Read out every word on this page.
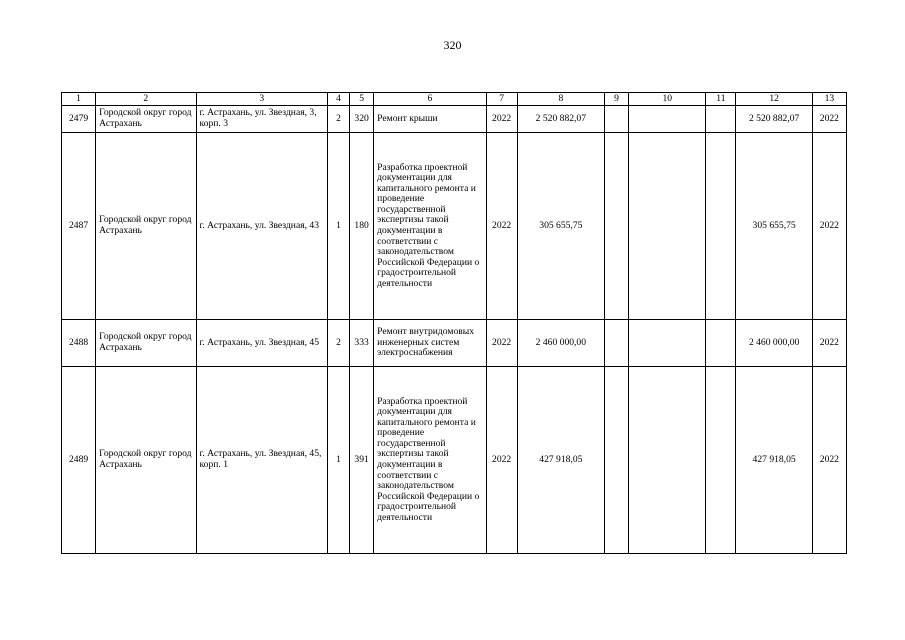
320
1	2	3	4	5	6	7	8	9	10	11	12	13
2479	Городской округ город Астрахань	г. Астрахань, ул. Звездная, 3, корп. 3	2	320	Ремонт крыши	2022	2 520 882,07				2 520 882,07	2022
2487	Городской округ город Астрахань	г. Астрахань, ул. Звездная, 43	1	180	Разработка проектной документации для капитального ремонта и проведение государственной экспертизы такой документации в соответствии с законодательством Российской Федерации о градостроительной деятельности	2022	305 655,75				305 655,75	2022
2488	Городской округ город Астрахань	г. Астрахань, ул. Звездная, 45	2	333	Ремонт внутридомовых инженерных систем электроснабжения	2022	2 460 000,00				2 460 000,00	2022
2489	Городской округ город Астрахань	г. Астрахань, ул. Звездная, 45, корп. 1	1	391	Разработка проектной документации для капитального ремонта и проведение государственной экспертизы такой документации в соответствии с законодательством Российской Федерации о градостроительной деятельности	2022	427 918,05				427 918,05	2022
